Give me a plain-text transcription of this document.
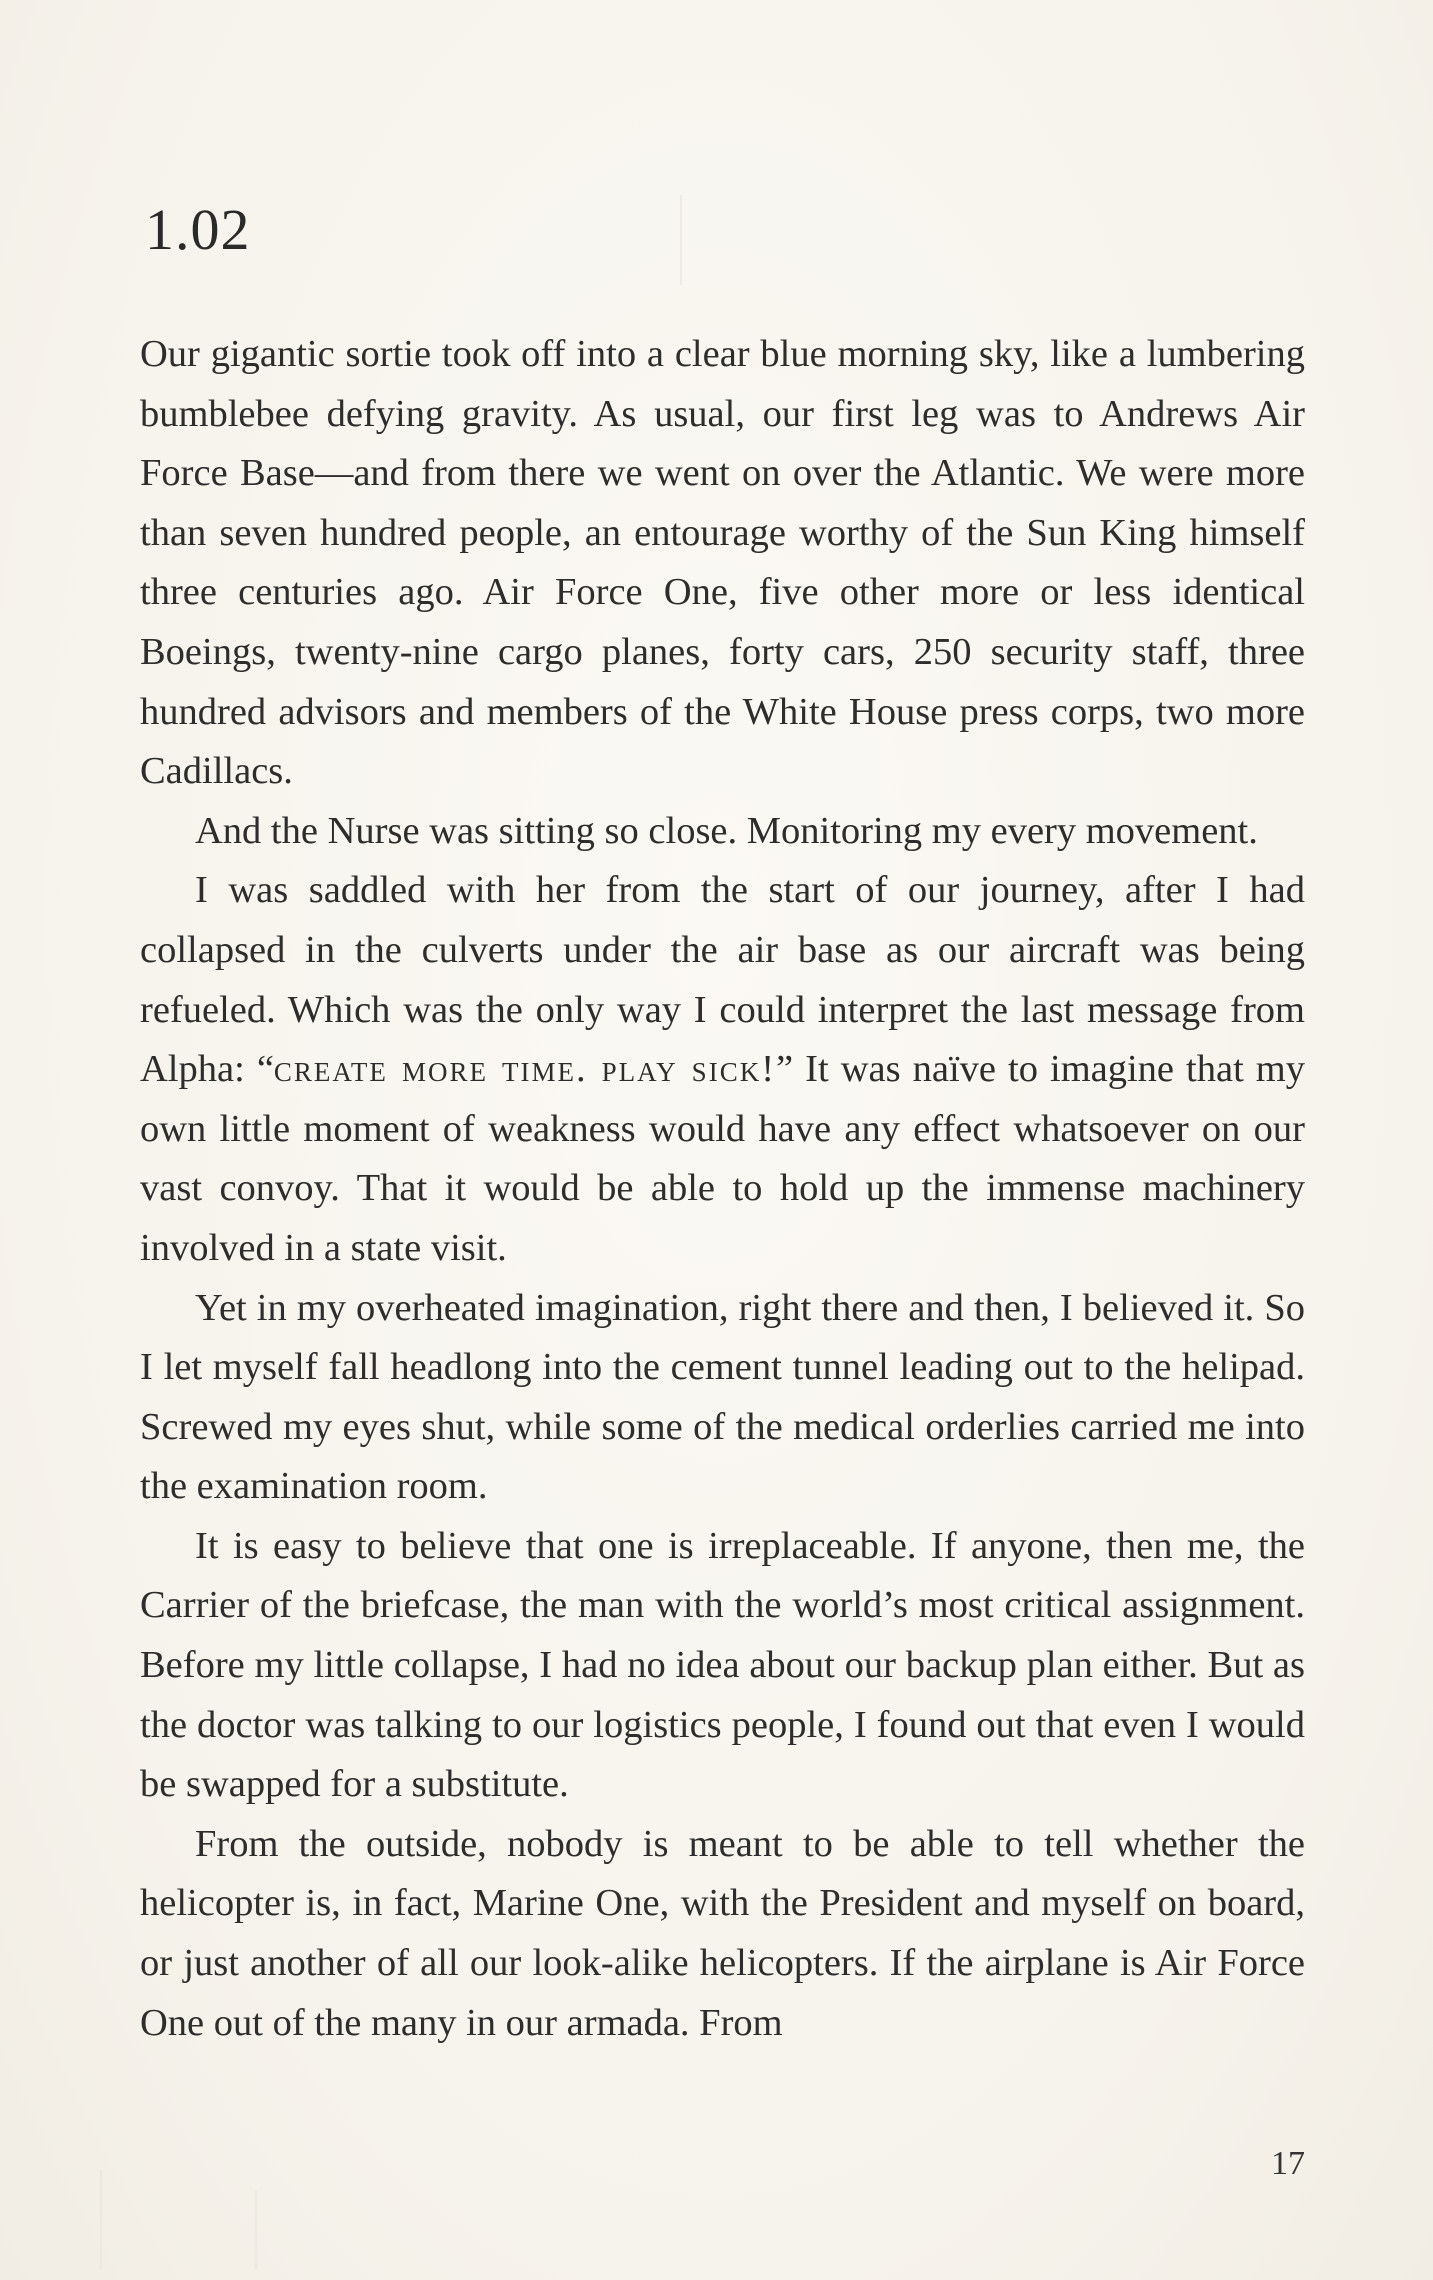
1.02

Our gigantic sortie took off into a clear blue morning sky, like a lumbering bumblebee defying gravity. As usual, our first leg was to Andrews Air Force Base—and from there we went on over the Atlantic. We were more than seven hundred people, an entourage worthy of the Sun King himself three centuries ago. Air Force One, five other more or less identical Boeings, twenty-nine cargo planes, forty cars, 250 security staff, three hundred advisors and members of the White House press corps, two more Cadillacs.

And the Nurse was sitting so close. Monitoring my every movement.

I was saddled with her from the start of our journey, after I had collapsed in the culverts under the air base as our aircraft was being refueled. Which was the only way I could interpret the last message from Alpha: “create more time. play sick!” It was naïve to imagine that my own little moment of weakness would have any effect whatsoever on our vast convoy. That it would be able to hold up the immense machinery involved in a state visit.

Yet in my overheated imagination, right there and then, I believed it. So I let myself fall headlong into the cement tunnel leading out to the helipad. Screwed my eyes shut, while some of the medical orderlies carried me into the examination room.

It is easy to believe that one is irreplaceable. If anyone, then me, the Carrier of the briefcase, the man with the world’s most critical assignment. Before my little collapse, I had no idea about our backup plan either. But as the doctor was talking to our logistics people, I found out that even I would be swapped for a substitute.

From the outside, nobody is meant to be able to tell whether the helicopter is, in fact, Marine One, with the President and myself on board, or just another of all our look-alike helicopters. If the airplane is Air Force One out of the many in our armada. From

17
